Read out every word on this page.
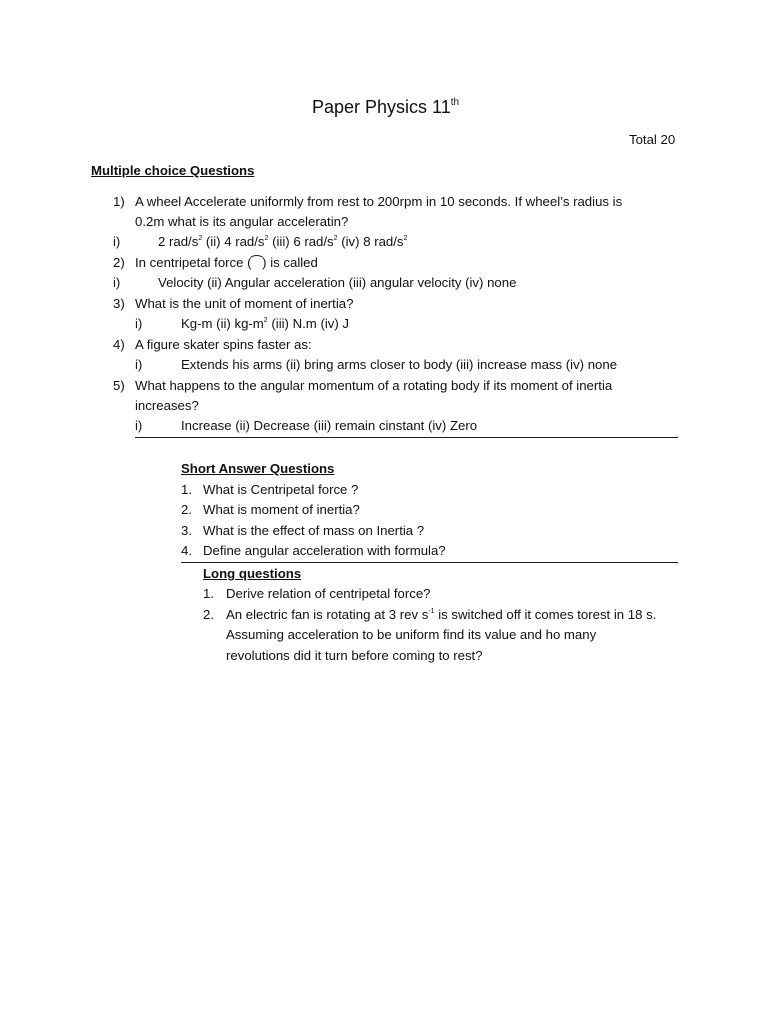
Paper Physics 11th
Total 20
Multiple choice Questions
1) A wheel Accelerate uniformly from rest to 200rpm in 10 seconds. If wheel’s radius is
0.2m what is its angular acceleratin?
i)	2 rad/$s^2$ (ii) 4 rad/$s^2$ (iii) 6 rad/$s^2$ (iv) 8 rad/$s^2$
2) In centripetal force (⁀) is called
i)	Velocity (ii) Angular acceleration (iii) angular velocity (iv) none
3) What is the unit of moment of inertia?
i)	Kg-m (ii) $kg-m^2$ (iii) N.m (iv) J
4) A figure skater spins faster as:
i)	Extends his arms (ii) bring arms closer to body (iii) increase mass (iv) none
5) What happens to the angular momentum of a rotating body if its moment of inertia
increases?
i)	Increase (ii) Decrease (iii) remain cinstant (iv) Zero
Short Answer Questions
1. What is Centripetal force ?
2. What is moment of inertia?
3. What is the effect of mass on Inertia ?
4. Define angular acceleration with formula?
Long questions
1. Derive relation of centripetal force?
2. An electric fan is rotating at 3 rev $s^{-1}$ is switched off it comes torest in 18 s.
Assuming acceleration to be uniform find its value and ho many
revolutions did it turn before coming to rest?
